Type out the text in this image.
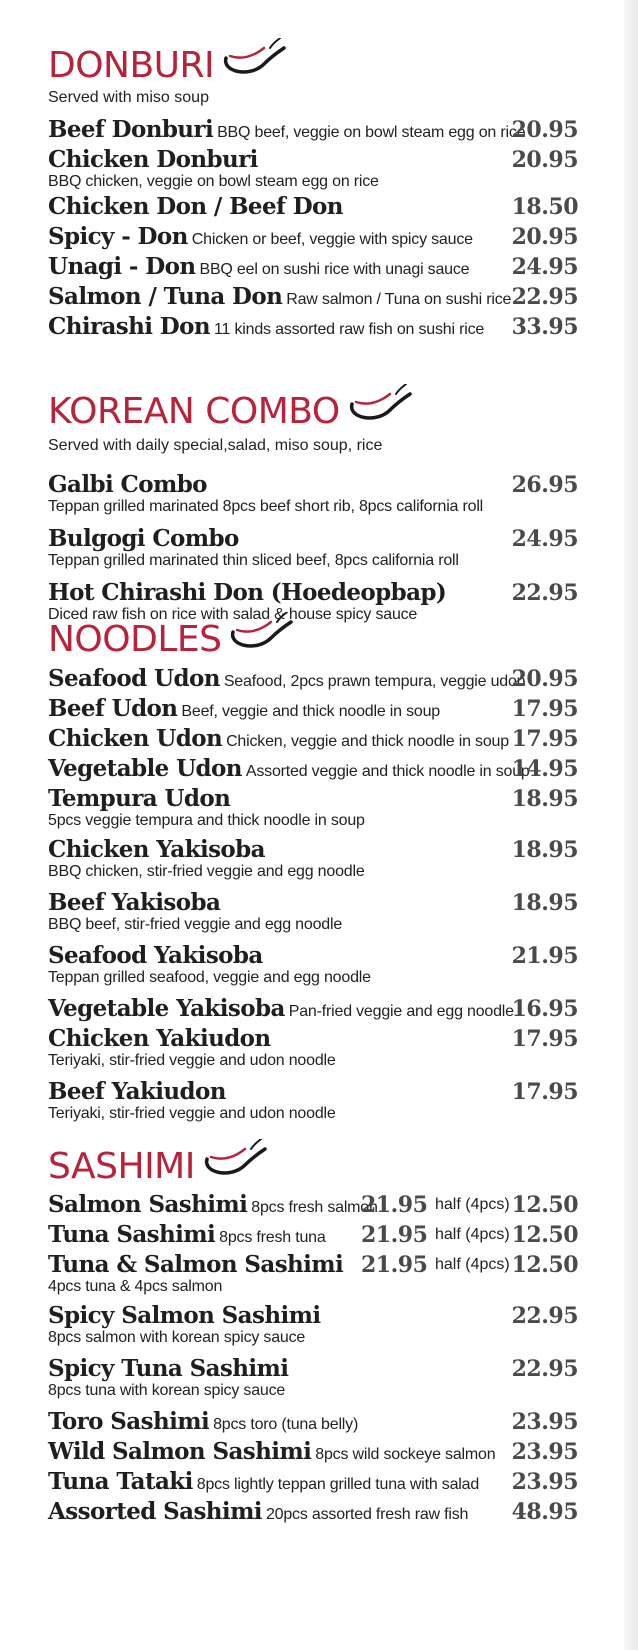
DONBURI
Served with miso soup
Beef Donburi BBQ beef, veggie on bowl steam egg on rice
20.95
Chicken Donburi	20.95
BBQ chicken, veggie on bowl steam egg on rice
Chicken Don / Beef Don	18.50
Spicy - Don Chicken or beef, veggie with spicy sauce 20.95
Unagi - Don BBQ eel on sushi rice with unagi sauce 24.95
Salmon / Tuna Don Raw salmon / Tuna on sushi rice 22.95
Chirashi Don 11 kinds assorted raw fish on sushi rice 33.95
KOREAN COMBO
Served with daily special,salad, miso soup, rice
Galbi Combo	26.95
Teppan grilled marinated 8pcs beef short rib, 8pcs california roll
Bulgogi Combo	24.95
Teppan grilled marinated thin sliced beef, 8pcs california roll
Hot Chirashi Don (Hoedeopbap)	22.95
Diced raw fish on rice with salad & house spicy sauce
NOODLES
Seafood Udon Seafood, 2pcs prawn tempura, veggie udon
20.95
Beef Udon Beef, veggie and thick noodle in soup	17.95
Chicken Udon Chicken, veggie and thick noodle in soup 17.95
Vegetable Udon Assorted veggie and thick noodle in soup
14.95
Tempura Udon	18.95
5pcs veggie tempura and thick noodle in soup
Chicken Yakisoba	18.95
BBQ chicken, stir-fried veggie and egg noodle
Beef Yakisoba	18.95
BBQ beef, stir-fried veggie and egg noodle
Seafood Yakisoba	21.95
Teppan grilled seafood, veggie and egg noodle
Vegetable Yakisoba Pan-fried veggie and egg noodle
16.95
Chicken Yakiudon	17.95
Teriyaki, stir-fried veggie and udon noodle
Beef Yakiudon	17.95
Teriyaki, stir-fried veggie and udon noodle
SASHIMI
Salmon Sashimi 8pcs fresh salmon
21.95 half (4pcs) 12.50
Tuna Sashimi 8pcs fresh tuna 21.95 half (4pcs) 12.50
Tuna & Salmon Sashimi 21.95 half (4pcs) 12.50
4pcs tuna & 4pcs salmon
Spicy Salmon Sashimi	22.95
8pcs salmon with korean spicy sauce
Spicy Tuna Sashimi	22.95
8pcs tuna with korean spicy sauce
Toro Sashimi 8pcs toro (tuna belly)	23.95
Wild Salmon Sashimi 8pcs wild sockeye salmon 23.95
Tuna Tataki 8pcs lightly teppan grilled tuna with salad 23.95
Assorted Sashimi 20pcs assorted fresh raw fish 48.95
